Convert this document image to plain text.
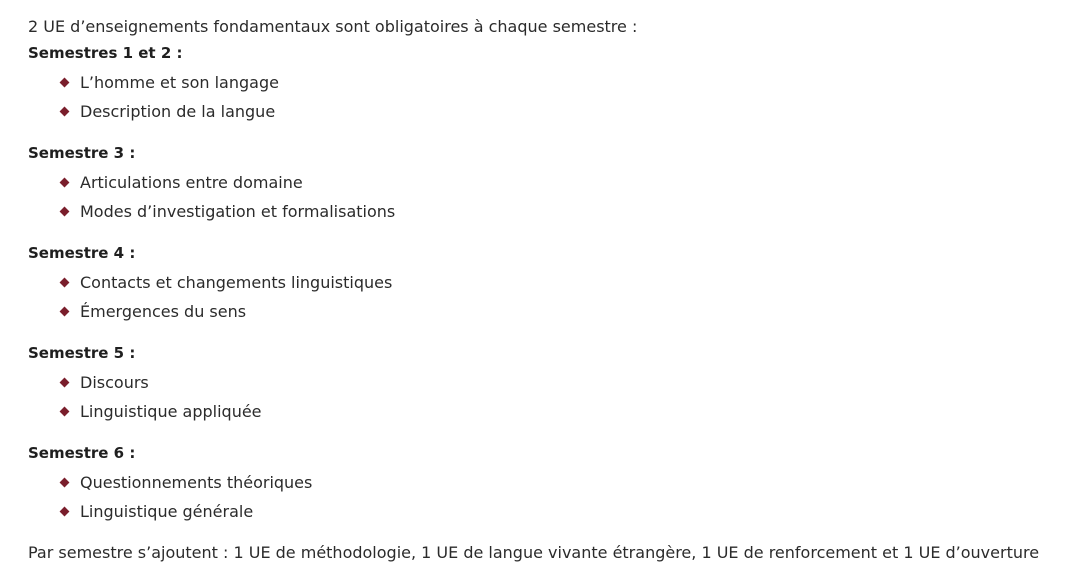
2 UE d’enseignements fondamentaux sont obligatoires à chaque semestre :

Semestres 1 et 2 :

L’homme et son langage
Description de la langue

Semestre 3 :

Articulations entre domaine
Modes d’investigation et formalisations

Semestre 4 :

Contacts et changements linguistiques
Émergences du sens

Semestre 5 :

Discours
Linguistique appliquée

Semestre 6 :

Questionnements théoriques
Linguistique générale
Par semestre s’ajoutent : 1 UE de méthodologie, 1 UE de langue vivante étrangère, 1 UE de renforcement et 1 UE d’ouverture
